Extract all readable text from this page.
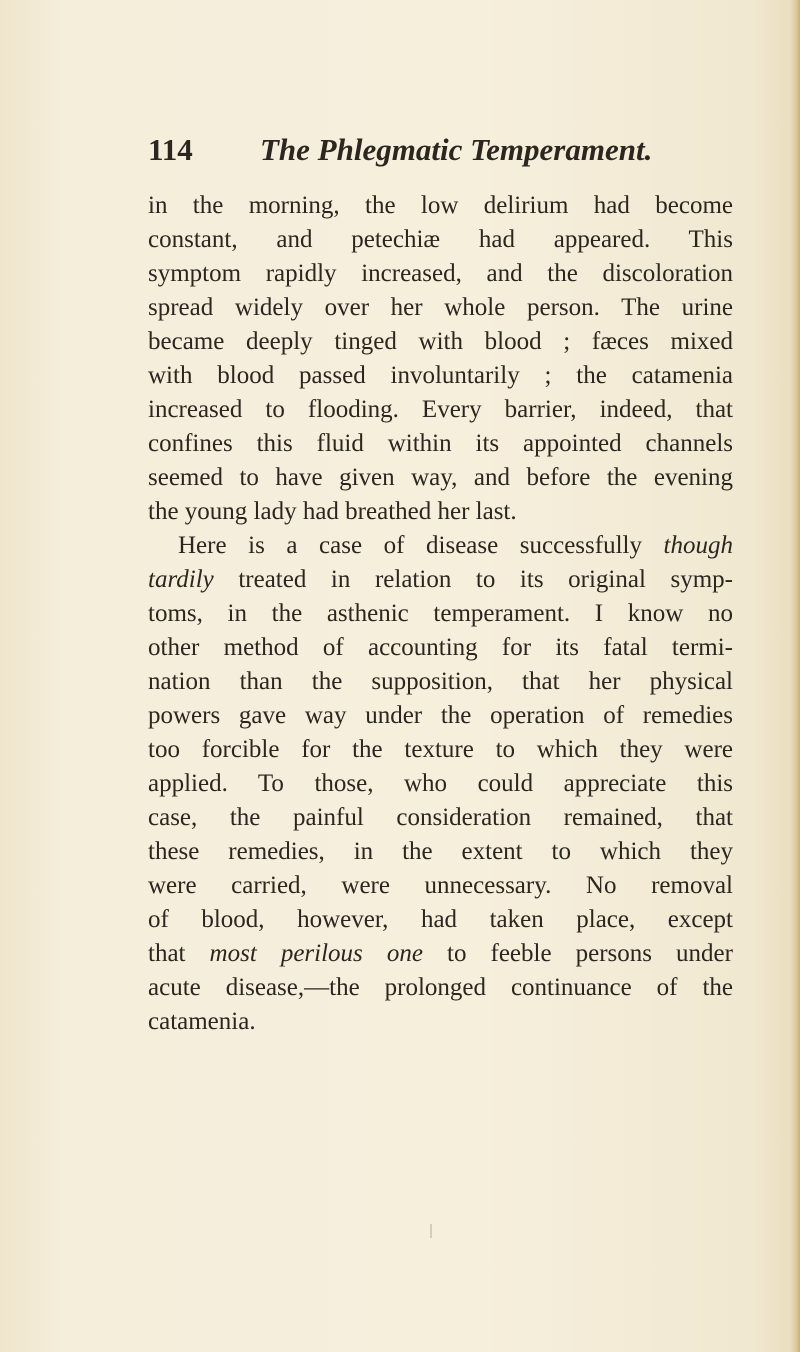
114 The Phlegmatic Temperament.
in the morning, the low delirium had become
constant, and petechiæ had appeared. This
symptom rapidly increased, and the discoloration
spread widely over her whole person. The urine
became deeply tinged with blood ; fæces mixed
with blood passed involuntarily ; the catamenia
increased to flooding. Every barrier, indeed, that
confines this fluid within its appointed channels
seemed to have given way, and before the evening
the young lady had breathed her last.
Here is a case of disease successfully though
tardily treated in relation to its original symp-
toms, in the asthenic temperament. I know no
other method of accounting for its fatal termi-
nation than the supposition, that her physical
powers gave way under the operation of remedies
too forcible for the texture to which they were
applied. To those, who could appreciate this
case, the painful consideration remained, that
these remedies, in the extent to which they
were carried, were unnecessary. No removal
of blood, however, had taken place, except
that most perilous one to feeble persons under
acute disease,—the prolonged continuance of the
catamenia.
